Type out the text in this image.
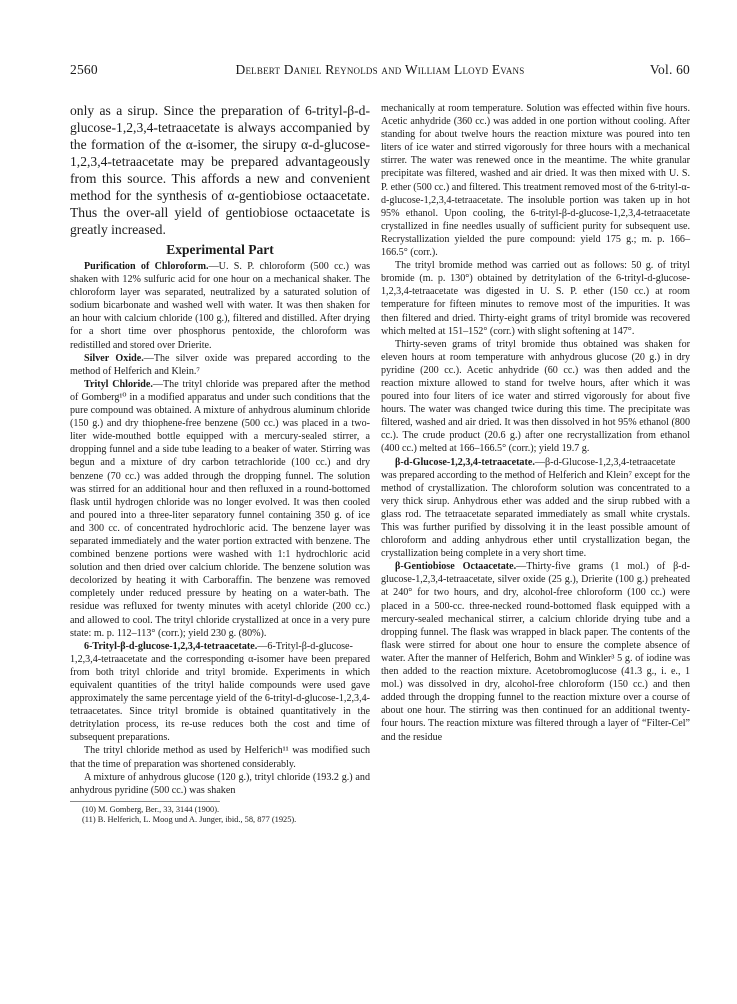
2560	Delbert Daniel Reynolds and William Lloyd Evans	Vol. 60

only as a sirup. Since the preparation of 6-trityl-β-d-glucose-1,2,3,4-tetraacetate is always accompanied by the formation of the α-isomer, the sirupy α-d-glucose-1,2,3,4-tetraacetate may be prepared advantageously from this source. This affords a new and convenient method for the synthesis of α-gentiobiose octaacetate. Thus the over-all yield of gentiobiose octaacetate is greatly increased.

Experimental Part

Purification of Chloroform.—U. S. P. chloroform (500 cc.) was shaken with 12% sulfuric acid for one hour on a mechanical shaker. The chloroform layer was separated, neutralized by a saturated solution of sodium bicarbonate and washed well with water. It was then shaken for an hour with calcium chloride (100 g.), filtered and distilled. After drying for a short time over phosphorus pentoxide, the chloroform was redistilled and stored over Drierite.

Silver Oxide.—The silver oxide was prepared according to the method of Helferich and Klein.⁷

Trityl Chloride.—The trityl chloride was prepared after the method of Gomberg¹⁰ in a modified apparatus and under such conditions that the pure compound was obtained. A mixture of anhydrous aluminum chloride (150 g.) and dry thiophene-free benzene (500 cc.) was placed in a two-liter wide-mouthed bottle equipped with a mercury-sealed stirrer, a dropping funnel and a side tube leading to a beaker of water. Stirring was begun and a mixture of dry carbon tetrachloride (100 cc.) and dry benzene (70 cc.) was added through the dropping funnel. The solution was stirred for an additional hour and then refluxed in a round-bottomed flask until hydrogen chloride was no longer evolved. It was then cooled and poured into a three-liter separatory funnel containing 350 g. of ice and 300 cc. of concentrated hydrochloric acid. The benzene layer was separated immediately and the water portion extracted with benzene. The combined benzene portions were washed with 1:1 hydrochloric acid solution and then dried over calcium chloride. The benzene solution was decolorized by heating it with Carboraffin. The benzene was removed completely under reduced pressure by heating on a water-bath. The residue was refluxed for twenty minutes with acetyl chloride (200 cc.) and allowed to cool. The trityl chloride crystallized at once in a very pure state: m. p. 112–113° (corr.); yield 230 g. (80%).

6-Trityl-β-d-glucose-1,2,3,4-tetraacetate.—6-Trityl-β-d-glucose-1,2,3,4-tetraacetate and the corresponding α-isomer have been prepared from both trityl chloride and trityl bromide. Experiments in which equivalent quantities of the trityl halide compounds were used gave approximately the same percentage yield of the 6-trityl-d-glucose-1,2,3,4-tetraacetates. Since trityl bromide is obtained quantitatively in the detritylation process, its re-use reduces both the cost and time of subsequent preparations.

The trityl chloride method as used by Helferich¹¹ was modified such that the time of preparation was shortened considerably.

A mixture of anhydrous glucose (120 g.), trityl chloride (193.2 g.) and anhydrous pyridine (500 cc.) was shaken

(10) M. Gomberg, Ber., 33, 3144 (1900).

(11) B. Helferich, L. Moog und A. Junger, ibid., 58, 877 (1925).

mechanically at room temperature. Solution was effected within five hours. Acetic anhydride (360 cc.) was added in one portion without cooling. After standing for about twelve hours the reaction mixture was poured into ten liters of ice water and stirred vigorously for three hours with a mechanical stirrer. The water was renewed once in the meantime. The white granular precipitate was filtered, washed and air dried. It was then mixed with U. S. P. ether (500 cc.) and filtered. This treatment removed most of the 6-trityl-α-d-glucose-1,2,3,4-tetraacetate. The insoluble portion was taken up in hot 95% ethanol. Upon cooling, the 6-trityl-β-d-glucose-1,2,3,4-tetraacetate crystallized in fine needles usually of sufficient purity for subsequent use. Recrystallization yielded the pure compound: yield 175 g.; m. p. 166–166.5° (corr.).

The trityl bromide method was carried out as follows: 50 g. of trityl bromide (m. p. 130°) obtained by detritylation of the 6-trityl-d-glucose-1,2,3,4-tetraacetate was digested in U. S. P. ether (150 cc.) at room temperature for fifteen minutes to remove most of the impurities. It was then filtered and dried. Thirty-eight grams of trityl bromide was recovered which melted at 151–152° (corr.) with slight softening at 147°.

Thirty-seven grams of trityl bromide thus obtained was shaken for eleven hours at room temperature with anhydrous glucose (20 g.) in dry pyridine (200 cc.). Acetic anhydride (60 cc.) was then added and the reaction mixture allowed to stand for twelve hours, after which it was poured into four liters of ice water and stirred vigorously for about five hours. The water was changed twice during this time. The precipitate was filtered, washed and air dried. It was then dissolved in hot 95% ethanol (800 cc.). The crude product (20.6 g.) after one recrystallization from ethanol (400 cc.) melted at 166–166.5° (corr.); yield 19.7 g.

β-d-Glucose-1,2,3,4-tetraacetate.—β-d-Glucose-1,2,3,4-tetraacetate was prepared according to the method of Helferich and Klein⁷ except for the method of crystallization. The chloroform solution was concentrated to a very thick sirup. Anhydrous ether was added and the sirup rubbed with a glass rod. The tetraacetate separated immediately as small white crystals. This was further purified by dissolving it in the least possible amount of chloroform and adding anhydrous ether until crystallization began, the crystallization being complete in a very short time.

β-Gentiobiose Octaacetate.—Thirty-five grams (1 mol.) of β-d-glucose-1,2,3,4-tetraacetate, silver oxide (25 g.), Drierite (100 g.) preheated at 240° for two hours, and dry, alcohol-free chloroform (100 cc.) were placed in a 500-cc. three-necked round-bottomed flask equipped with a mercury-sealed mechanical stirrer, a calcium chloride drying tube and a dropping funnel. The flask was wrapped in black paper. The contents of the flask were stirred for about one hour to ensure the complete absence of water. After the manner of Helferich, Bohm and Winkler³ 5 g. of iodine was then added to the reaction mixture. Acetobromoglucose (41.3 g., i. e., 1 mol.) was dissolved in dry, alcohol-free chloroform (150 cc.) and then added through the dropping funnel to the reaction mixture over a course of about one hour. The stirring was then continued for an additional twenty-four hours. The reaction mixture was filtered through a layer of “Filter-Cel” and the residue
